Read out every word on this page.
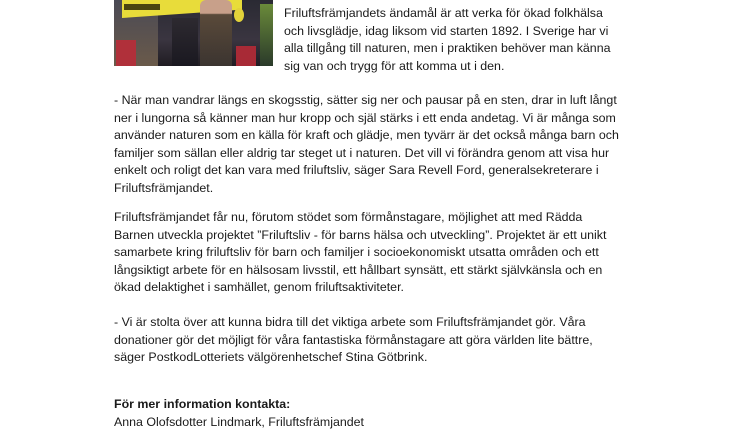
Friluftsfrämjandets ändamål är att verka för ökad folkhälsa
och livsglädje, idag liksom vid starten 1892. I Sverige har vi
alla tillgång till naturen, men i praktiken behöver man känna
sig van och trygg för att komma ut i den.

- När man vandrar längs en skogsstig, sätter sig ner och pausar på en sten, drar in luft långt
ner i lungorna så känner man hur kropp och själ stärks i ett enda andetag. Vi är många som
använder naturen som en källa för kraft och glädje, men tyvärr är det också många barn och
familjer som sällan eller aldrig tar steget ut i naturen. Det vill vi förändra genom att visa hur
enkelt och roligt det kan vara med friluftsliv, säger Sara Revell Ford, generalsekreterare i
Friluftsfrämjandet.

Friluftsfrämjandet får nu, förutom stödet som förmånstagare, möjlighet att med Rädda
Barnen utveckla projektet ”Friluftsliv - för barns hälsa och utveckling”. Projektet är ett unikt
samarbete kring friluftsliv för barn och familjer i socioekonomiskt utsatta områden och ett
långsiktigt arbete för en hälsosam livsstil, ett hållbart synsätt, ett stärkt självkänsla och en
ökad delaktighet i samhället, genom friluftsaktiviteter.

- Vi är stolta över att kunna bidra till det viktiga arbete som Friluftsfrämjandet gör. Våra
donationer gör det möjligt för våra fantastiska förmånstagare att göra världen lite bättre,
säger PostkodLotteriets välgörenhetschef Stina Götbrink.

För mer information kontakta:

Anna Olofsdotter Lindmark, Friluftsfrämjandet
